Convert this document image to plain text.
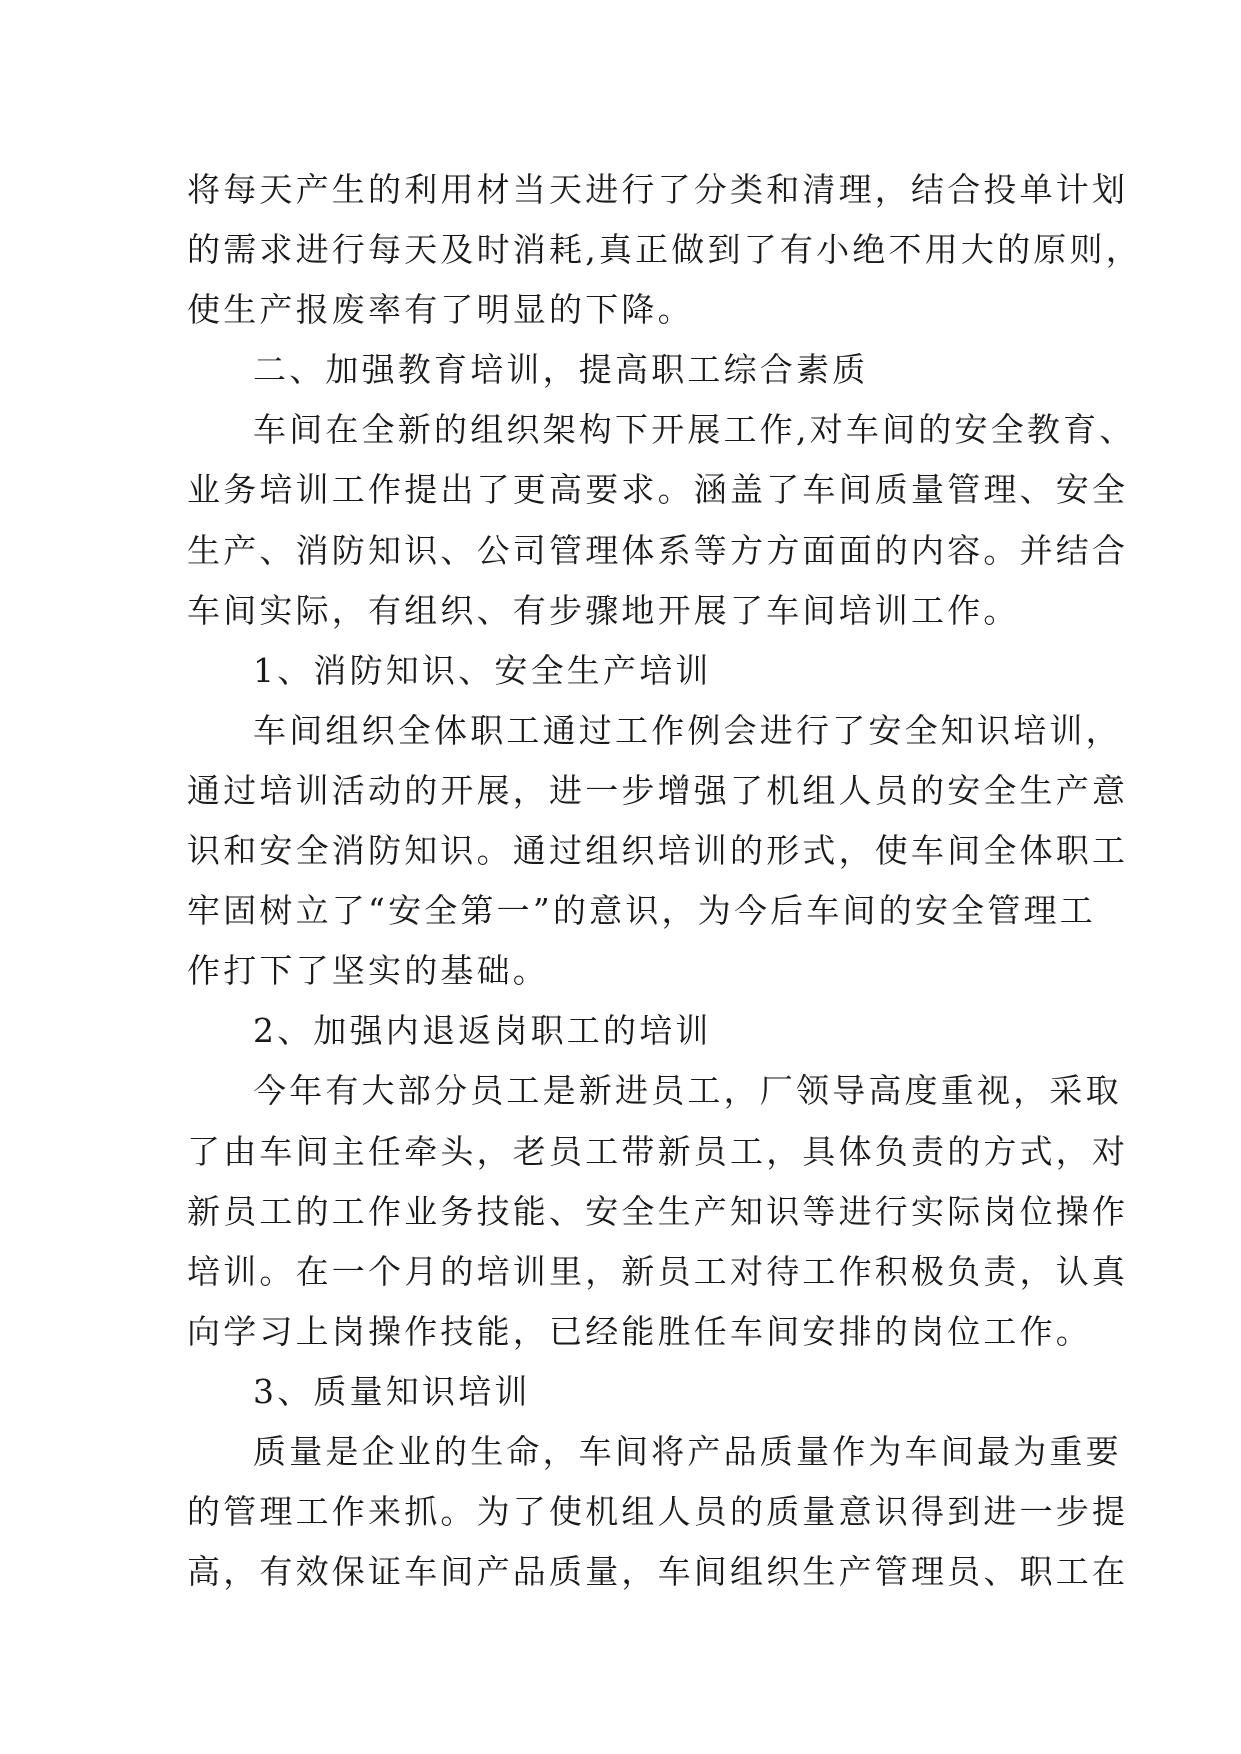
将每天产生的利用材当天进行了分类和清理，结合投单计划
的需求进行每天及时消耗,真正做到了有小绝不用大的原则，
使生产报废率有了明显的下降。
二、加强教育培训，提高职工综合素质
车间在全新的组织架构下开展工作,对车间的安全教育、
业务培训工作提出了更高要求。涵盖了车间质量管理、安全
生产、消防知识、公司管理体系等方方面面的内容。并结合
车间实际，有组织、有步骤地开展了车间培训工作。
1、消防知识、安全生产培训
车间组织全体职工通过工作例会进行了安全知识培训，
通过培训活动的开展，进一步增强了机组人员的安全生产意
识和安全消防知识。通过组织培训的形式，使车间全体职工
牢固树立了“安全第一”的意识，为今后车间的安全管理工
作打下了坚实的基础。
2、加强内退返岗职工的培训
今年有大部分员工是新进员工，厂领导高度重视，采取
了由车间主任牵头，老员工带新员工，具体负责的方式，对
新员工的工作业务技能、安全生产知识等进行实际岗位操作
培训。在一个月的培训里，新员工对待工作积极负责，认真
向学习上岗操作技能，已经能胜任车间安排的岗位工作。
3、质量知识培训
质量是企业的生命，车间将产品质量作为车间最为重要
的管理工作来抓。为了使机组人员的质量意识得到进一步提
高，有效保证车间产品质量，车间组织生产管理员、职工在
